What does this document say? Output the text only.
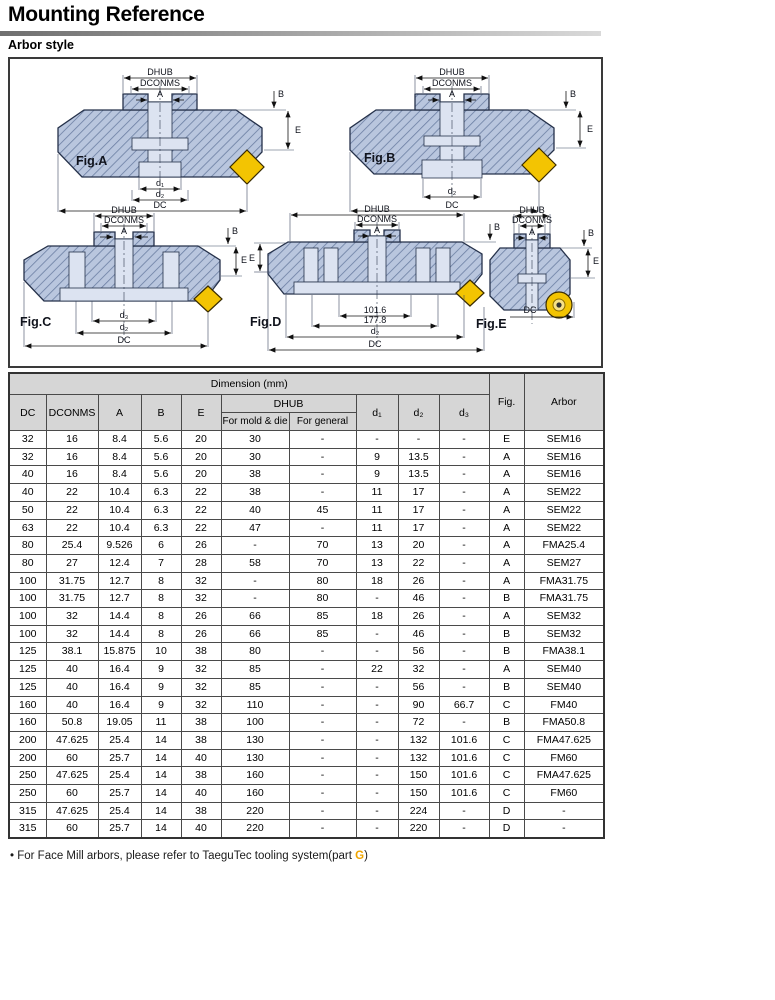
Mounting Reference
Arbor style
DHUB
DCONMS
A	B
E
d₁
d₂
DC
Fig.A
DHUB
DCONMS
A	B
E
d₂
DC
Fig.B
DHUB
DCONMS
A	B
E
d₃
d₂
DC
Fig.C
DHUB
DCONMS
A	B
E
101.6
177.8
d₂
DC
Fig.D
DHUB
DCONMS
A	B
E
DC
Fig.E
Dimension (mm)										Fig.	Arbor
DC	DCONMS	A	B	E	DHUB		d₁	d₂	d₃		
					For mold & die	For general					
32	16	8.4	5.6	20	30	-	-	-	-	E	SEM16
32	16	8.4	5.6	20	30	-	9	13.5	-	A	SEM16
40	16	8.4	5.6	20	38	-	9	13.5	-	A	SEM16
40	22	10.4	6.3	22	38	-	11	17	-	A	SEM22
50	22	10.4	6.3	22	40	45	11	17	-	A	SEM22
63	22	10.4	6.3	22	47	-	11	17	-	A	SEM22
80	25.4	9.526	6	26	-	70	13	20	-	A	FMA25.4
80	27	12.4	7	28	58	70	13	22	-	A	SEM27
100	31.75	12.7	8	32	-	80	18	26	-	A	FMA31.75
100	31.75	12.7	8	32	-	80	-	46	-	B	FMA31.75
100	32	14.4	8	26	66	85	18	26	-	A	SEM32
100	32	14.4	8	26	66	85	-	46	-	B	SEM32
125	38.1	15.875	10	38	80	-	-	56	-	B	FMA38.1
125	40	16.4	9	32	85	-	22	32	-	A	SEM40
125	40	16.4	9	32	85	-	-	56	-	B	SEM40
160	40	16.4	9	32	110	-	-	90	66.7	C	FM40
160	50.8	19.05	11	38	100	-	-	72	-	B	FMA50.8
200	47.625	25.4	14	38	130	-	-	132	101.6	C	FMA47.625
200	60	25.7	14	40	130	-	-	132	101.6	C	FM60
250	47.625	25.4	14	38	160	-	-	150	101.6	C	FMA47.625
250	60	25.7	14	40	160	-	-	150	101.6	C	FM60
315	47.625	25.4	14	38	220	-	-	224	-	D	-
315	60	25.7	14	40	220	-	-	220	-	D	-
• For Face Mill arbors, please refer to TaeguTec tooling system(part G)
